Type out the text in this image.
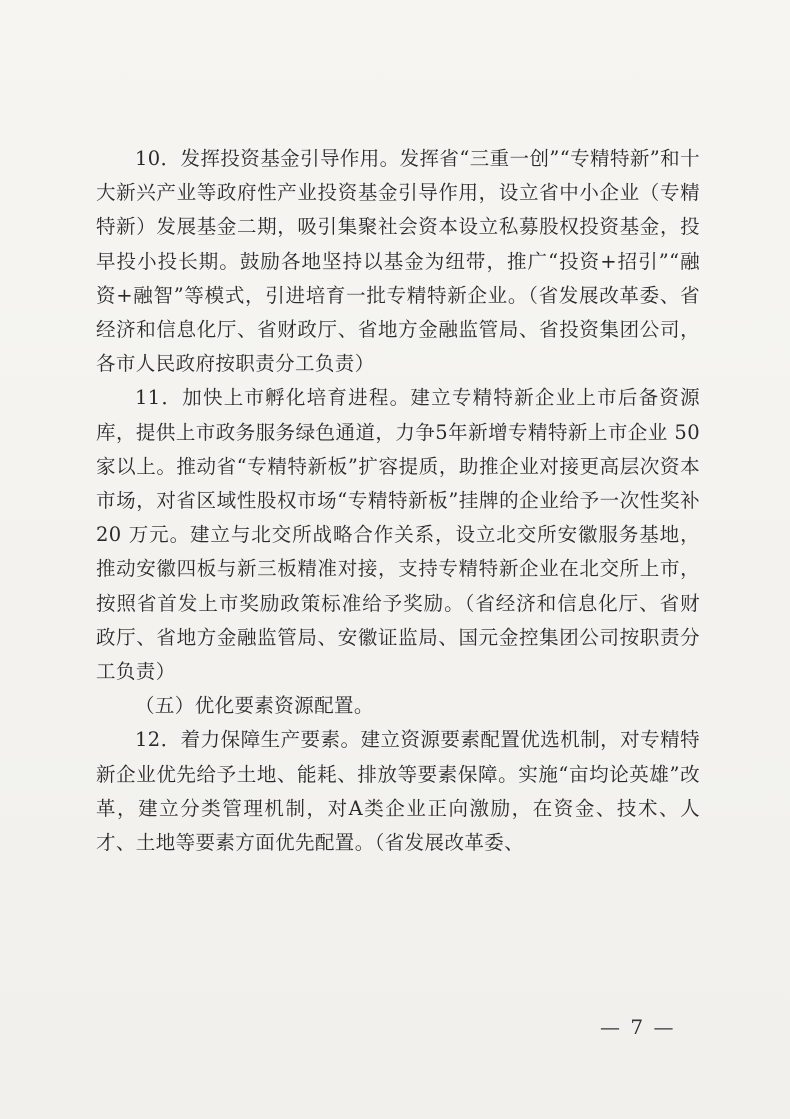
10．发挥投资基金引导作用。发挥省“三重一创”“专精特新”和十大新兴产业等政府性产业投资基金引导作用，设立省中小企业（专精特新）发展基金二期，吸引集聚社会资本设立私募股权投资基金，投早投小投长期。鼓励各地坚持以基金为纽带，推广“投资+招引”“融资+融智”等模式，引进培育一批专精特新企业。（省发展改革委、省经济和信息化厅、省财政厅、省地方金融监管局、省投资集团公司，各市人民政府按职责分工负责）

11．加快上市孵化培育进程。建立专精特新企业上市后备资源库，提供上市政务服务绿色通道，力争5年新增专精特新上市企业 50 家以上。推动省“专精特新板”扩容提质，助推企业对接更高层次资本市场，对省区域性股权市场“专精特新板”挂牌的企业给予一次性奖补 20 万元。建立与北交所战略合作关系，设立北交所安徽服务基地，推动安徽四板与新三板精准对接，支持专精特新企业在北交所上市，按照省首发上市奖励政策标准给予奖励。（省经济和信息化厅、省财政厅、省地方金融监管局、安徽证监局、国元金控集团公司按职责分工负责）

（五）优化要素资源配置。

12．着力保障生产要素。建立资源要素配置优选机制，对专精特新企业优先给予土地、能耗、排放等要素保障。实施“亩均论英雄”改革，建立分类管理机制，对A类企业正向激励，在资金、技术、人才、土地等要素方面优先配置。（省发展改革委、

— 7 —
